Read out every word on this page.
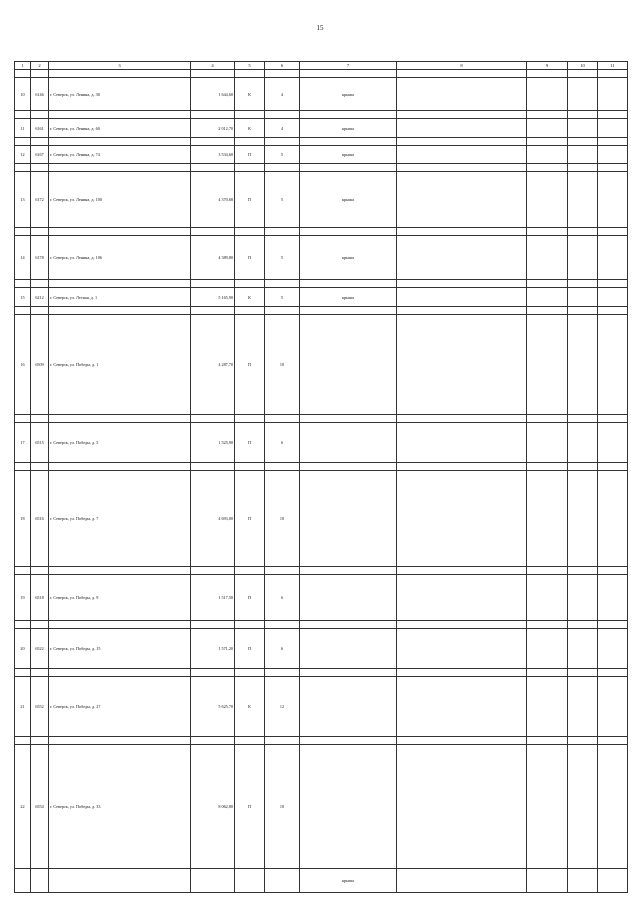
15
1	2	3	4	5	6	7	8	9	10	11

10	6146	г. Северск, ул. Ленина, д. 30	1 644,60	К	4	крыша				

11	6161	г. Северск, ул. Ленина, д. 60	2 012,70	К	4	крыша				

12	6167	г. Северск, ул. Ленина, д. 74	3 534,60	П	5	крыша				

13	6172	г. Северск, ул. Ленина, д. 100	4 370,68	П	5	крыша				

14	6178	г. Северск, ул. Ленина, д. 106	4 389,80	П	5	крыша				

15	6212	г. Северск, ул. Лесная, д. 1	5 165,90	К	5	крыша				

16	6509	г. Северск, ул. Победы, д. 1	4 287,70	П	10					

17	6515	г. Северск, ул. Победы, д. 5	1 525,90	П	6					

18	6516	г. Северск, ул. Победы, д. 7	4 693,00	П	10					

19	6518	г. Северск, ул. Победы, д. 9	1 517,50	П	6					

20	6522	г. Северск, ул. Победы, д. 15	1 571,20	П	6					

21	6552	г. Северск, ул. Победы, д. 27	5 625,70	К	12					

22	6554	г. Северск, ул. Победы, д. 33	8 062,80	П	10					
						крыша				
